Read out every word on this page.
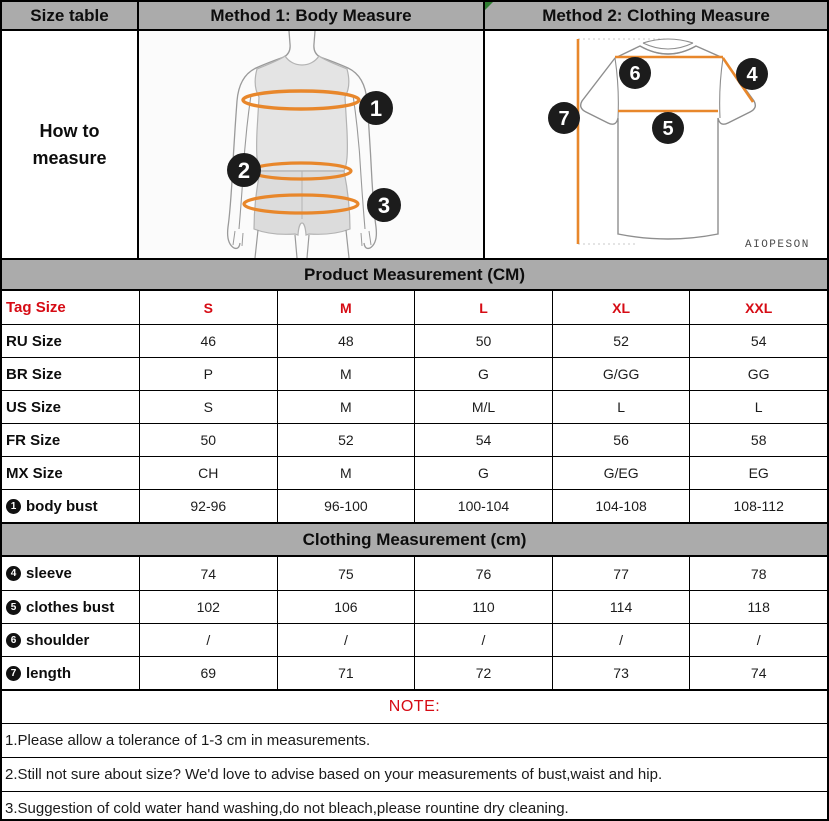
Size table	Method 1: Body Measure	Method 2: Clothing Measure
How to
measure
1
2
3
6	4
7	5
AIOPESON
Product Measurement (CM)
Tag Size	S	M	L	XL	XXL
RU Size	46	48	50	52	54
BR Size	P	M	G	G/GG	GG
US Size	S	M	M/L	L	L
FR Size	50	52	54	56	58
MX Size	CH	M	G	G/EG	EG
1 body bust	92-96	96-100	100-104	104-108	108-112
Clothing Measurement (cm)
4 sleeve	74	75	76	77	78
5 clothes bust	102	106	110	114	118
6 shoulder	/	/	/	/	/
7 length	69	71	72	73	74
NOTE:
1.Please allow a tolerance of 1-3 cm in measurements.
2.Still not sure about size? We'd love to advise based on your measurements of bust,waist and hip.
3.Suggestion of cold water hand washing,do not bleach,please rountine dry cleaning.
